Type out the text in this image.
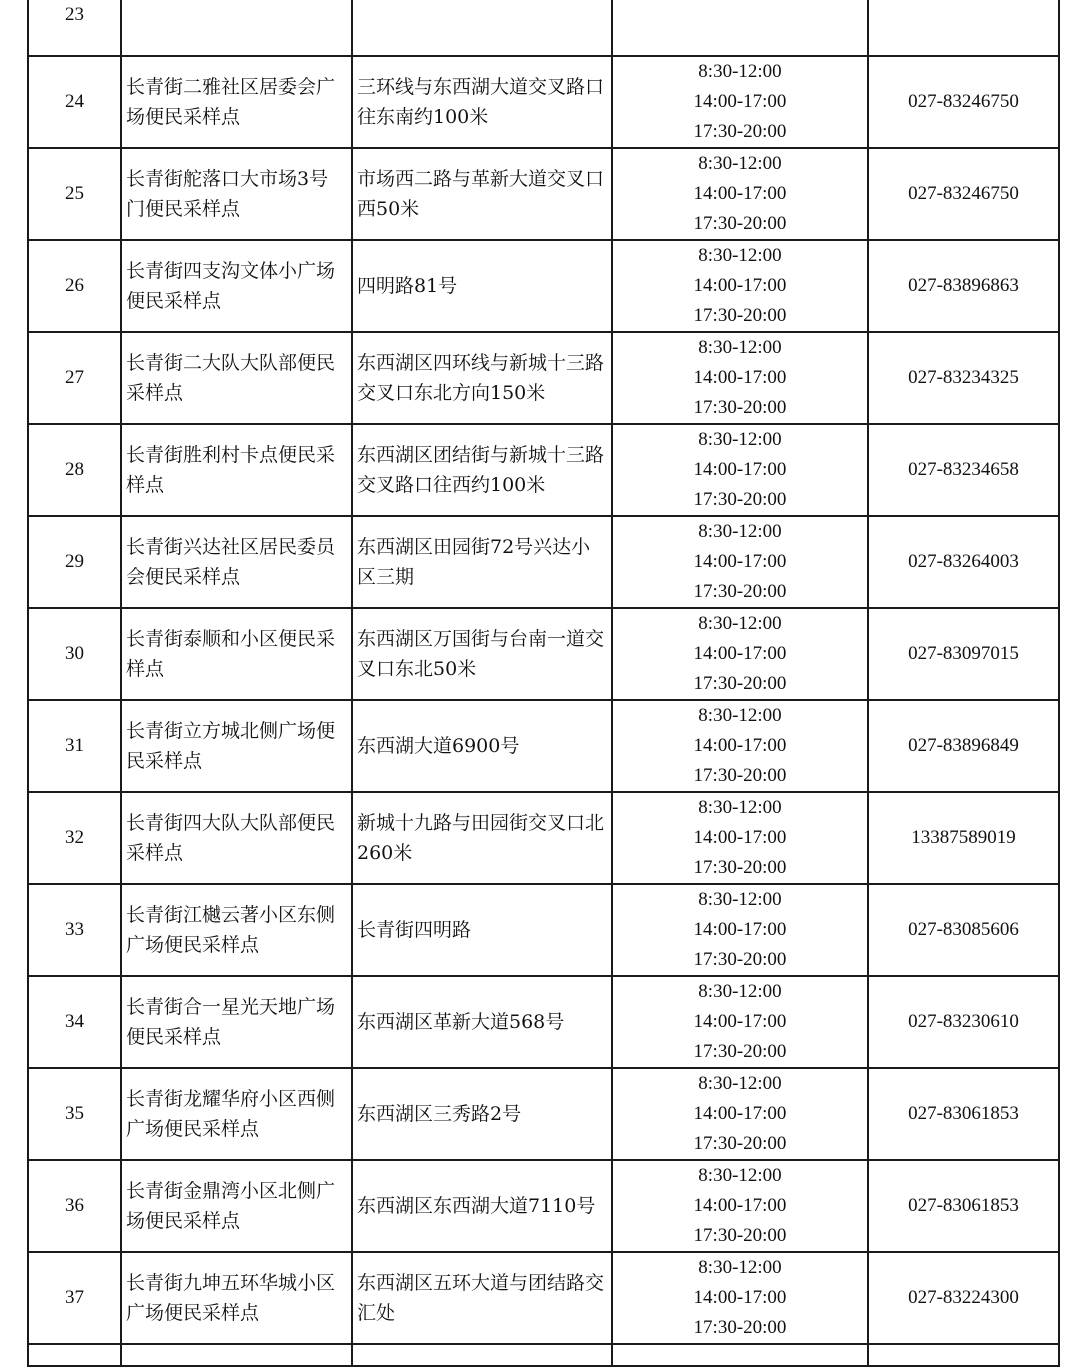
23				
24	长青街二雅社区居委会广场便民采样点	三环线与东西湖大道交叉路口往东南约100米	8:30-12:00
14:00-17:00
17:30-20:00	027-83246750
25	长青街舵落口大市场3号门便民采样点	市场西二路与革新大道交叉口西50米	8:30-12:00
14:00-17:00
17:30-20:00	027-83246750
26	长青街四支沟文体小广场便民采样点	四明路81号	8:30-12:00
14:00-17:00
17:30-20:00	027-83896863
27	长青街二大队大队部便民采样点	东西湖区四环线与新城十三路交叉口东北方向150米	8:30-12:00
14:00-17:00
17:30-20:00	027-83234325
28	长青街胜利村卡点便民采样点	东西湖区团结街与新城十三路交叉路口往西约100米	8:30-12:00
14:00-17:00
17:30-20:00	027-83234658
29	长青街兴达社区居民委员会便民采样点	东西湖区田园街72号兴达小区三期	8:30-12:00
14:00-17:00
17:30-20:00	027-83264003
30	长青街泰顺和小区便民采样点	东西湖区万国街与台南一道交叉口东北50米	8:30-12:00
14:00-17:00
17:30-20:00	027-83097015
31	长青街立方城北侧广场便民采样点	东西湖大道6900号	8:30-12:00
14:00-17:00
17:30-20:00	027-83896849
32	长青街四大队大队部便民采样点	新城十九路与田园街交叉口北260米	8:30-12:00
14:00-17:00
17:30-20:00	13387589019
33	长青街江樾云著小区东侧广场便民采样点	长青街四明路	8:30-12:00
14:00-17:00
17:30-20:00	027-83085606
34	长青街合一星光天地广场便民采样点	东西湖区革新大道568号	8:30-12:00
14:00-17:00
17:30-20:00	027-83230610
35	长青街龙耀华府小区西侧广场便民采样点	东西湖区三秀路2号	8:30-12:00
14:00-17:00
17:30-20:00	027-83061853
36	长青街金鼎湾小区北侧广场便民采样点	东西湖区东西湖大道7110号	8:30-12:00
14:00-17:00
17:30-20:00	027-83061853
37	长青街九坤五环华城小区广场便民采样点	东西湖区五环大道与团结路交汇处	8:30-12:00
14:00-17:00
17:30-20:00	027-83224300
